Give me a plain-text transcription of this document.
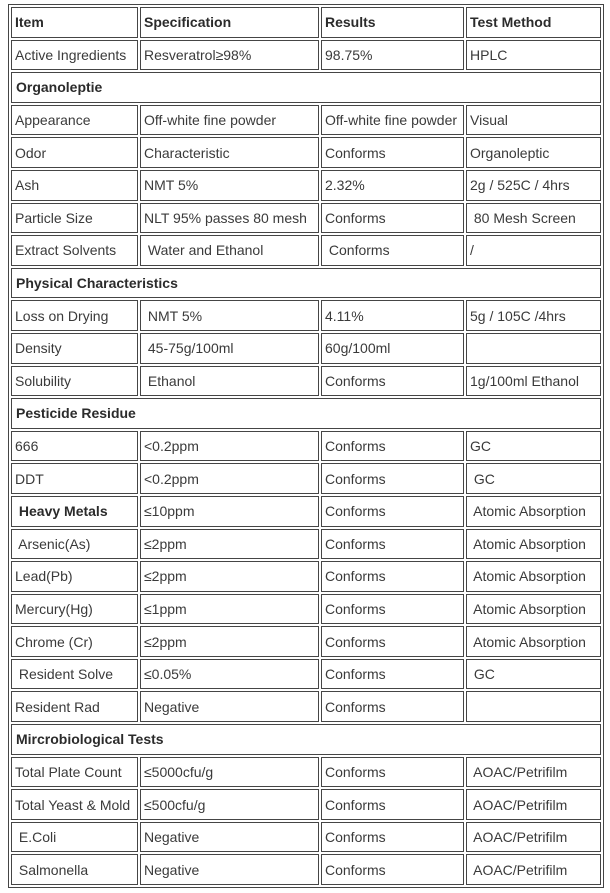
Item	Specification	Results	Test Method
Active Ingredients	Resveratrol≥98%	98.75%	HPLC
Organoleptie			
Appearance	Off-white fine powder	Off-white fine powder	Visual
Odor	Characteristic	Conforms	Organoleptic
Ash	NMT 5%	2.32%	2g / 525C / 4hrs
Particle Size	NLT 95% passes 80 mesh	Conforms	80 Mesh Screen
Extract Solvents	Water and Ethanol	Conforms	/
Physical Characteristics			
Loss on Drying	NMT 5%	4.11%	5g / 105C /4hrs
Density	45-75g/100ml	60g/100ml	
Solubility	Ethanol	Conforms	1g/100ml Ethanol
Pesticide Residue			
666	<0.2ppm	Conforms	GC
DDT	<0.2ppm	Conforms	GC
Heavy Metals	≤10ppm	Conforms	Atomic Absorption
Arsenic(As)	≤2ppm	Conforms	Atomic Absorption
Lead(Pb)	≤2ppm	Conforms	Atomic Absorption
Mercury(Hg)	≤1ppm	Conforms	Atomic Absorption
Chrome (Cr)	≤2ppm	Conforms	Atomic Absorption
Resident Solve	≤0.05%	Conforms	GC
Resident Rad	Negative	Conforms	
Mircrobiological Tests			
Total Plate Count	≤5000cfu/g	Conforms	AOAC/Petrifilm
Total Yeast & Mold	≤500cfu/g	Conforms	AOAC/Petrifilm
E.Coli	Negative	Conforms	AOAC/Petrifilm
Salmonella	Negative	Conforms	AOAC/Petrifilm
